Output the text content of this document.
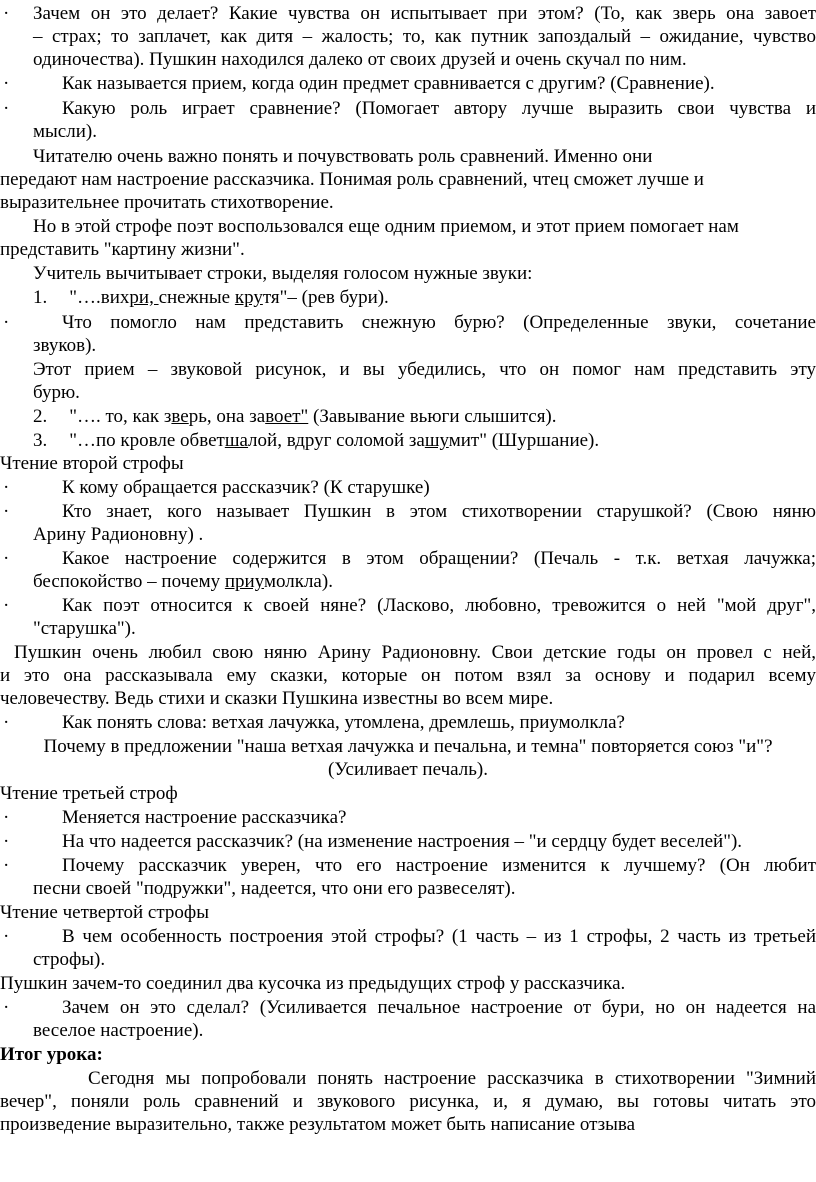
· Зачем он это делает? Какие чувства он испытывает при этом? (То, как зверь она завоет
– страх; то заплачет, как дитя – жалость; то, как путник запоздалый – ожидание, чувство
одиночества). Пушкин находился далеко от своих друзей и очень скучал по ним.
·	Как называется прием, когда один предмет сравнивается с другим? (Сравнение).
·	Какую роль играет сравнение? (Помогает автору лучше выразить свои чувства и
мысли).
Читателю очень важно понять и почувствовать роль сравнений. Именно они
передают нам настроение рассказчика. Понимая роль сравнений, чтец сможет лучше и
выразительнее прочитать стихотворение.
Но в этой строфе поэт воспользовался еще одним приемом, и этот прием помогает нам
представить "картину жизни".
Учитель вычитывает строки, выделяя голосом нужные звуки:
1. "….вихри, снежные крутя"– (рев бури).
·	Что помогло нам представить снежную бурю? (Определенные звуки, сочетание
звуков).
Этот прием – звуковой рисунок, и вы убедились, что он помог нам представить эту
бурю.
2. "…. то, как зверь, она завоет" (Завывание вьюги слышится).
3. "…по кровле обветшалой, вдруг соломой зашумит" (Шуршание).
Чтение второй строфы
·	К кому обращается рассказчик? (К старушке)
·	Кто знает, кого называет Пушкин в этом стихотворении старушкой? (Свою няню
Арину Радионовну) .
·	Какое настроение содержится в этом обращении? (Печаль - т.к. ветхая лачужка;
беспокойство – почему приумолкла).
·	Как поэт относится к своей няне? (Ласково, любовно, тревожится о ней "мой друг",
"старушка").
Пушкин очень любил свою няню Арину Радионовну. Свои детские годы он провел с ней,
и это она рассказывала ему сказки, которые он потом взял за основу и подарил всему
человечеству. Ведь стихи и сказки Пушкина известны во всем мире.
·	Как понять слова: ветхая лачужка, утомлена, дремлешь, приумолкла?
Почему в предложении "наша ветхая лачужка и печальна, и темна" повторяется союз "и"?
(Усиливает печаль).
Чтение третьей строф
·	Меняется настроение рассказчика?
·	На что надеется рассказчик? (на изменение настроения – "и сердцу будет веселей").
·	Почему рассказчик уверен, что его настроение изменится к лучшему? (Он любит
песни своей "подружки", надеется, что они его развеселят).
Чтение четвертой строфы
·	В чем особенность построения этой строфы? (1 часть – из 1 строфы, 2 часть из третьей
строфы).
Пушкин зачем-то соединил два кусочка из предыдущих строф у рассказчика.
·	Зачем он это сделал? (Усиливается печальное настроение от бури, но он надеется на
веселое настроение).
Итог урока:
Сегодня мы попробовали понять настроение рассказчика в стихотворении "Зимний
вечер", поняли роль сравнений и звукового рисунка, и, я думаю, вы готовы читать это
произведение выразительно, также результатом может быть написание отзыва
